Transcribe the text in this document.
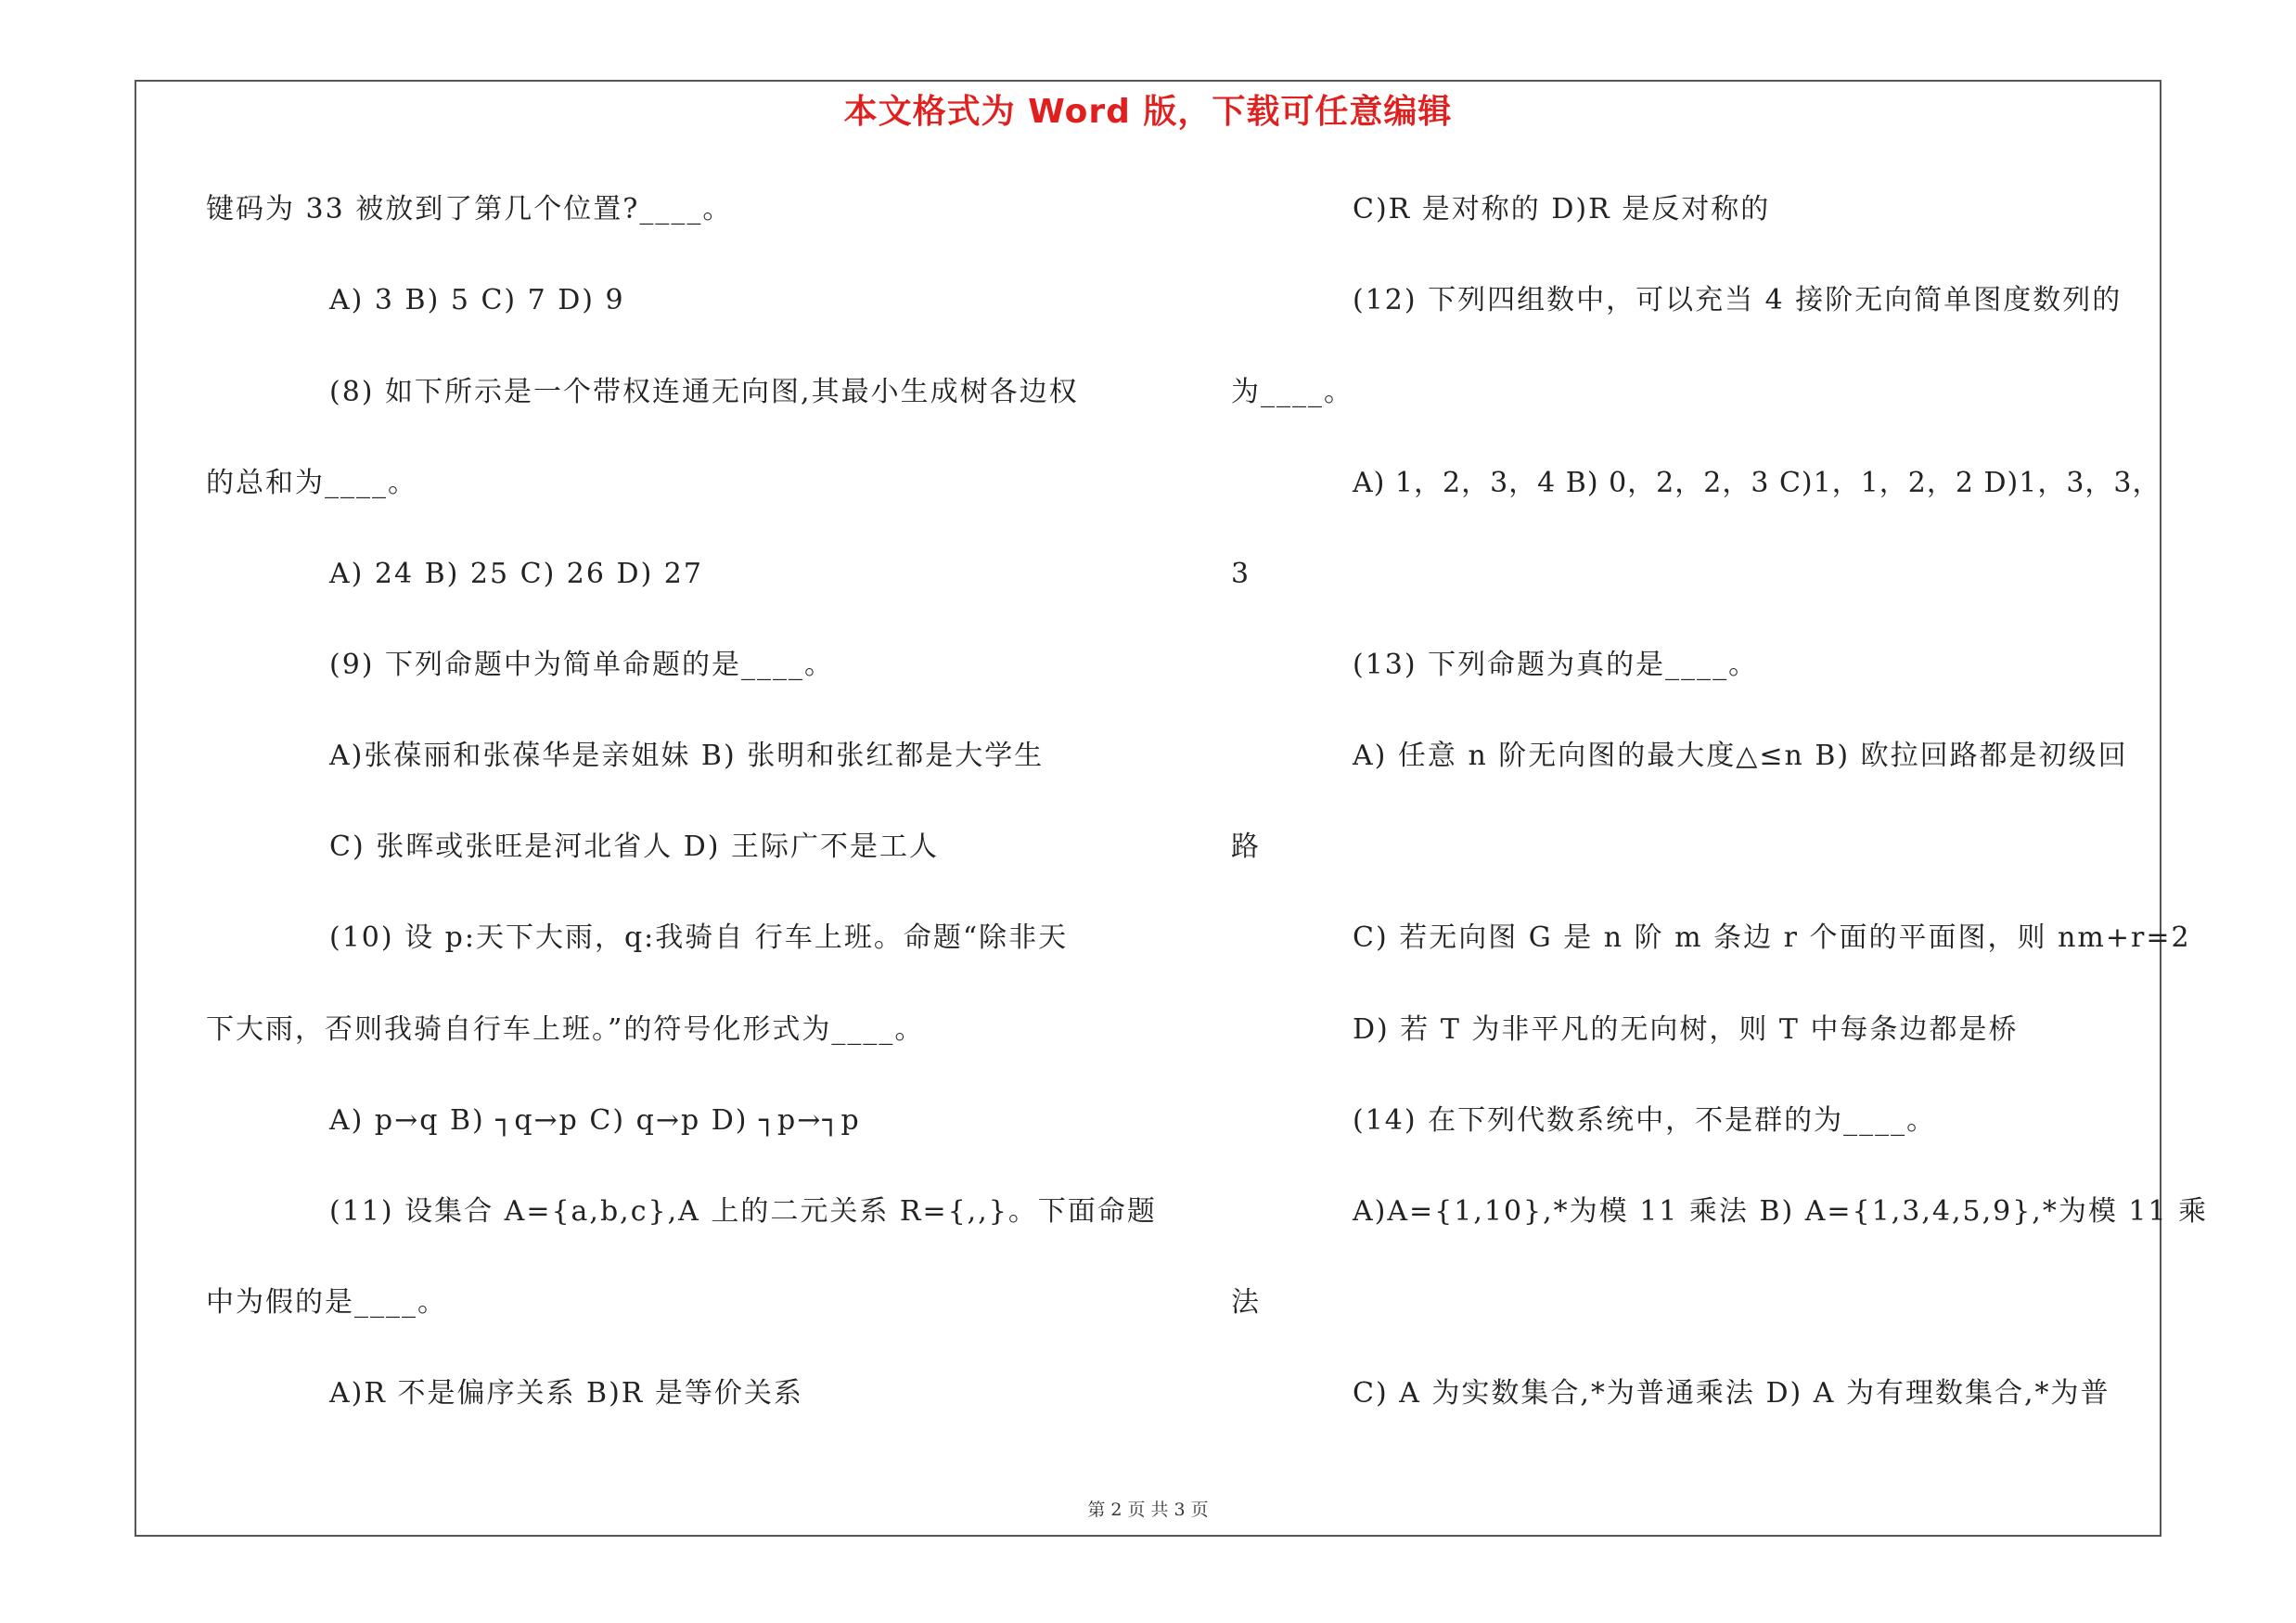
本文格式为 Word 版，下载可任意编辑
键码为 33 被放到了第几个位置?____。
A) 3 B) 5 C) 7 D) 9
(8) 如下所示是一个带权连通无向图,其最小生成树各边权
的总和为____。
A) 24 B) 25 C) 26 D) 27
(9) 下列命题中为简单命题的是____。
A)张葆丽和张葆华是亲姐妹 B) 张明和张红都是大学生
C) 张晖或张旺是河北省人 D) 王际广不是工人
(10) 设 p:天下大雨，q:我骑自 行车上班。命题“除非天
下大雨，否则我骑自行车上班。”的符号化形式为____。
A) p→q B) ┐q→p C) q→p D) ┐p→┐p
(11) 设集合 A={a,b,c},A 上的二元关系 R={,,}。下面命题
中为假的是____。
A)R 不是偏序关系 B)R 是等价关系
C)R 是对称的 D)R 是反对称的
(12) 下列四组数中，可以充当 4 接阶无向简单图度数列的
为____。
A) 1，2，3，4 B) 0，2，2，3 C)1，1，2，2 D)1，3，3，
3
(13) 下列命题为真的是____。
A) 任意 n 阶无向图的最大度△≤n B) 欧拉回路都是初级回
路
C) 若无向图 G 是 n 阶 m 条边 r 个面的平面图，则 nm+r=2
D) 若 T 为非平凡的无向树，则 T 中每条边都是桥
(14) 在下列代数系统中，不是群的为____。
A)A={1,10},*为模 11 乘法 B) A={1,3,4,5,9},*为模 11 乘
法
C) A 为实数集合,*为普通乘法 D) A 为有理数集合,*为普
第 2 页 共 3 页
